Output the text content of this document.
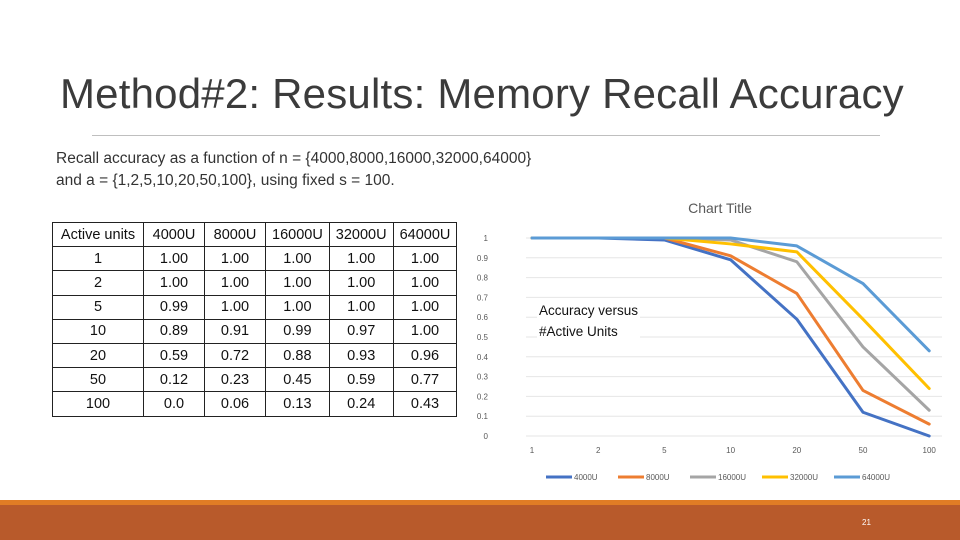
Method#2: Results: Memory Recall Accuracy
Recall accuracy as a function of n = {4000,8000,16000,32000,64000}
and a = {1,2,5,10,20,50,100}, using fixed s = 100.
Active units	4000U	8000U	16000U	32000U	64000U
1	1.00	1.00	1.00	1.00	1.00
2	1.00	1.00	1.00	1.00	1.00
5	0.99	1.00	1.00	1.00	1.00
10	0.89	0.91	0.99	0.97	1.00
20	0.59	0.72	0.88	0.93	0.96
50	0.12	0.23	0.45	0.59	0.77
100	0.0	0.06	0.13	0.24	0.43
Chart Title
0
0.1
0.2
0.3
0.4
0.5
0.6
0.7
0.8
0.9
1
1	2	5	10	20	50	100
4000U	8000U	16000U	32000U	64000U
Accuracy versus
#Active Units
21
